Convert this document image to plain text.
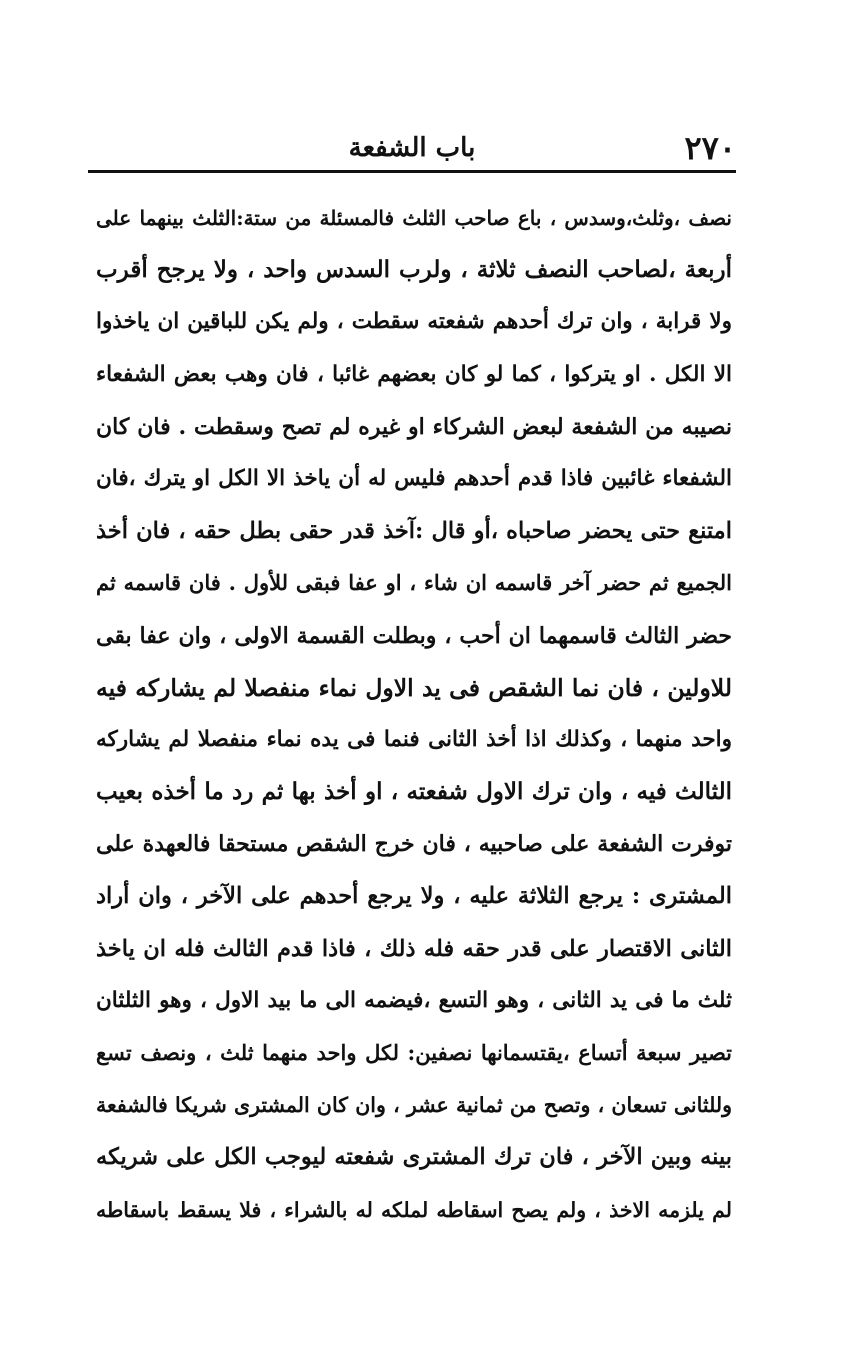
٢٧٠
باب الشفعة
نصف ،وثلث،وسدس ، باع صاحب الثلث فالمسئلة من ستة:الثلث بينهما على
أربعة ،لصاحب النصف ثلاثة ، ولرب السدس واحد ، ولا يرجح أقرب
ولا قرابة ، وان ترك أحدهم شفعته سقطت ، ولم يكن للباقين ان ياخذوا
الا الكل . او يتركوا ، كما لو كان بعضهم غائبا ، فان وهب بعض الشفعاء
نصيبه من الشفعة لبعض الشركاء او غيره لم تصح وسقطت . فان كان
الشفعاء غائبين فاذا قدم أحدهم فليس له أن ياخذ الا الكل او يترك ،فان
امتنع حتى يحضر صاحباه ،أو قال :آخذ قدر حقى بطل حقه ، فان أخذ
الجميع ثم حضر آخر قاسمه ان شاء ، او عفا فبقى للأول . فان قاسمه ثم
حضر الثالث قاسمهما ان أحب ، وبطلت القسمة الاولى ، وان عفا بقى
للاولين ، فان نما الشقص فى يد الاول نماء منفصلا لم يشاركه فيه
واحد منهما ، وكذلك اذا أخذ الثانى فنما فى يده نماء منفصلا لم يشاركه
الثالث فيه ، وان ترك الاول شفعته ، او أخذ بها ثم رد ما أخذه بعيب
توفرت الشفعة على صاحبيه ، فان خرج الشقص مستحقا فالعهدة على
المشترى : يرجع الثلاثة عليه ، ولا يرجع أحدهم على الآخر ، وان أراد
الثانى الاقتصار على قدر حقه فله ذلك ، فاذا قدم الثالث فله ان ياخذ
ثلث ما فى يد الثانى ، وهو التسع ،فيضمه الى ما بيد الاول ، وهو الثلثان
تصير سبعة أتساع ،يقتسمانها نصفين: لكل واحد منهما ثلث ، ونصف تسع
وللثانى تسعان ، وتصح من ثمانية عشر ، وان كان المشترى شريكا فالشفعة
بينه وبين الآخر ، فان ترك المشترى شفعته ليوجب الكل على شريكه
لم يلزمه الاخذ ، ولم يصح اسقاطه لملكه له بالشراء ، فلا يسقط باسقاطه
